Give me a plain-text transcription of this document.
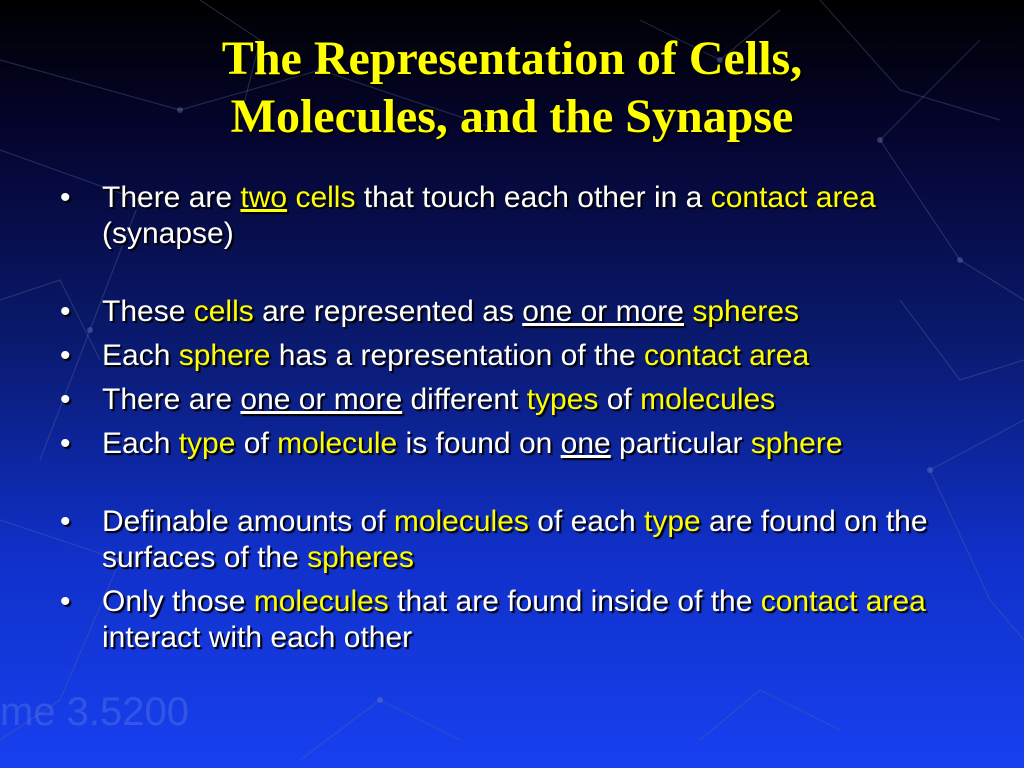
The Representation of Cells,
Molecules, and the Synapse
• There are two cells that touch each other in a contact area (synapse)
• These cells are represented as one or more spheres
• Each sphere has a representation of the contact area
• There are one or more different types of molecules
• Each type of molecule is found on one particular sphere
• Definable amounts of molecules of each type are found on the surfaces of the spheres
• Only those molecules that are found inside of the contact area interact with each other
me 3.5200
